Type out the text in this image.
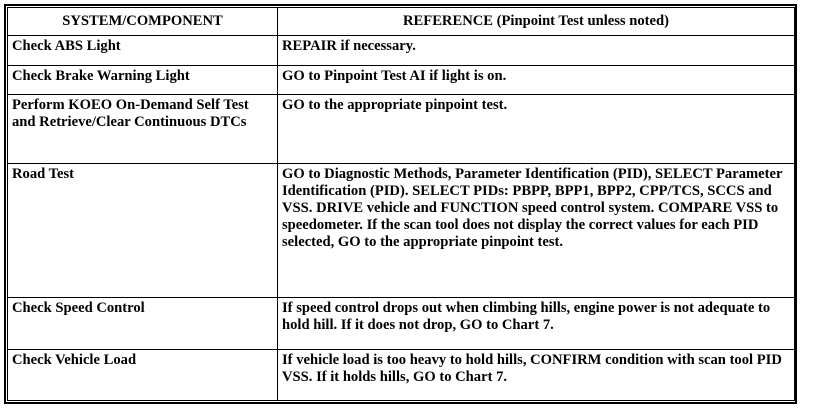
SYSTEM/COMPONENT	REFERENCE (Pinpoint Test unless noted)
Check ABS Light	REPAIR if necessary.
Check Brake Warning Light	GO to Pinpoint Test AI if light is on.
Perform KOEO On-Demand Self Test and Retrieve/Clear Continuous DTCs	GO to the appropriate pinpoint test.
Road Test	GO to Diagnostic Methods, Parameter Identification (PID), SELECT Parameter Identification (PID). SELECT PIDs: PBPP, BPP1, BPP2, CPP/TCS, SCCS and VSS. DRIVE vehicle and FUNCTION speed control system. COMPARE VSS to speedometer. If the scan tool does not display the correct values for each PID selected, GO to the appropriate pinpoint test.
Check Speed Control	If speed control drops out when climbing hills, engine power is not adequate to hold hill. If it does not drop, GO to Chart 7.
Check Vehicle Load	If vehicle load is too heavy to hold hills, CONFIRM condition with scan tool PID VSS. If it holds hills, GO to Chart 7.
